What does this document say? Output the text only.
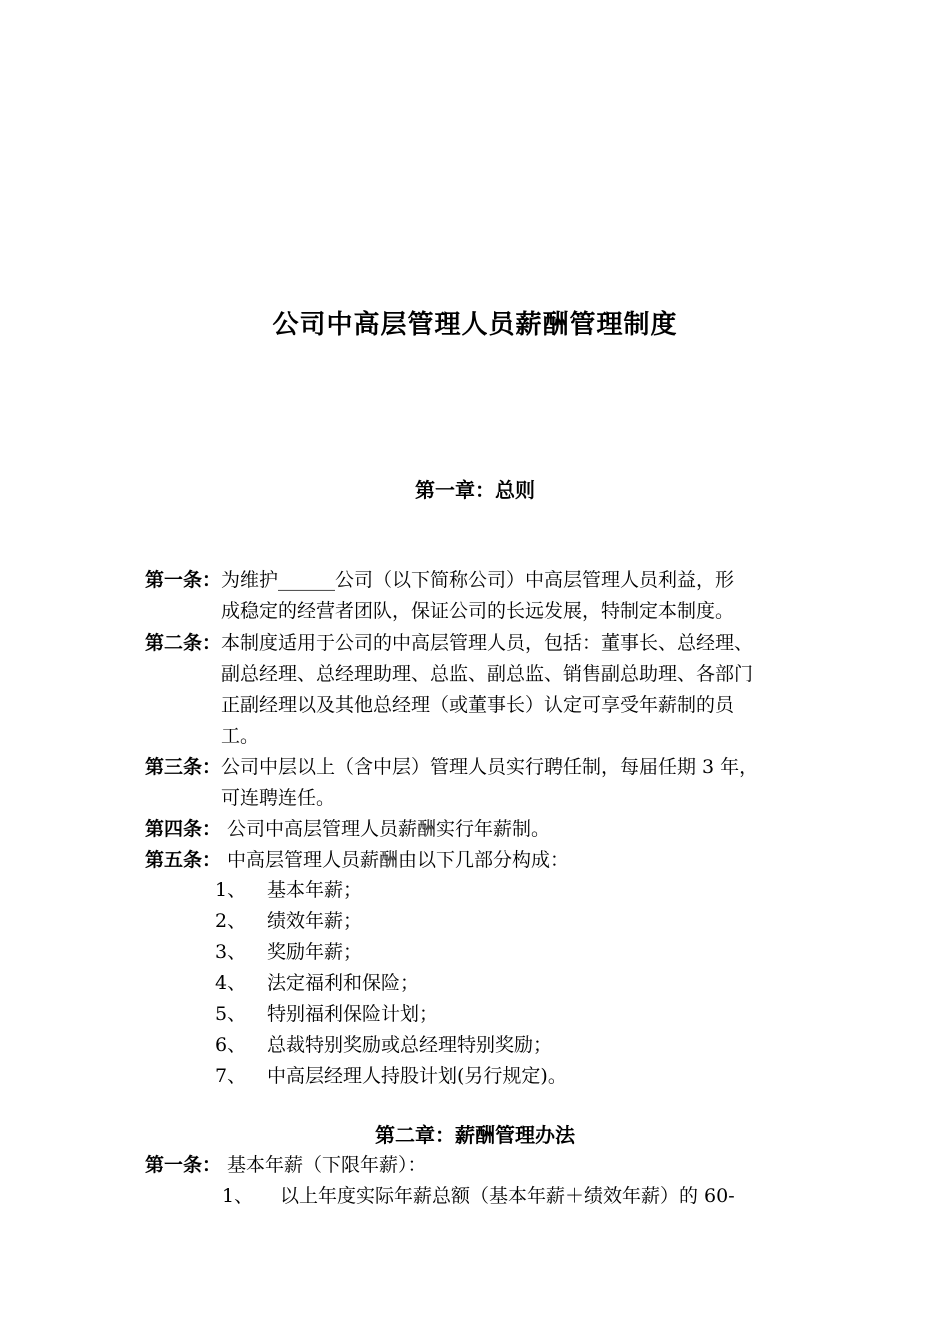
公司中高层管理人员薪酬管理制度
第一章：总则
第一条：为维护______公司（以下简称公司）中高层管理人员利益，形
成稳定的经营者团队，保证公司的长远发展，特制定本制度。
第二条：本制度适用于公司的中高层管理人员，包括：董事长、总经理、
副总经理、总经理助理、总监、副总监、销售副总助理、各部门
正副经理以及其他总经理（或董事长）认定可享受年薪制的员
工。
第三条：公司中层以上（含中层）管理人员实行聘任制，每届任期 3 年，
可连聘连任。
第四条： 公司中高层管理人员薪酬实行年薪制。
第五条： 中高层管理人员薪酬由以下几部分构成：
1、 基本年薪；
2、 绩效年薪；
3、 奖励年薪；
4、 法定福利和保险；
5、 特别福利保险计划；
6、 总裁特别奖励或总经理特别奖励；
7、 中高层经理人持股计划(另行规定)。
第二章：薪酬管理办法
第一条： 基本年薪（下限年薪）：
1、 以上年度实际年薪总额（基本年薪＋绩效年薪）的 60-
